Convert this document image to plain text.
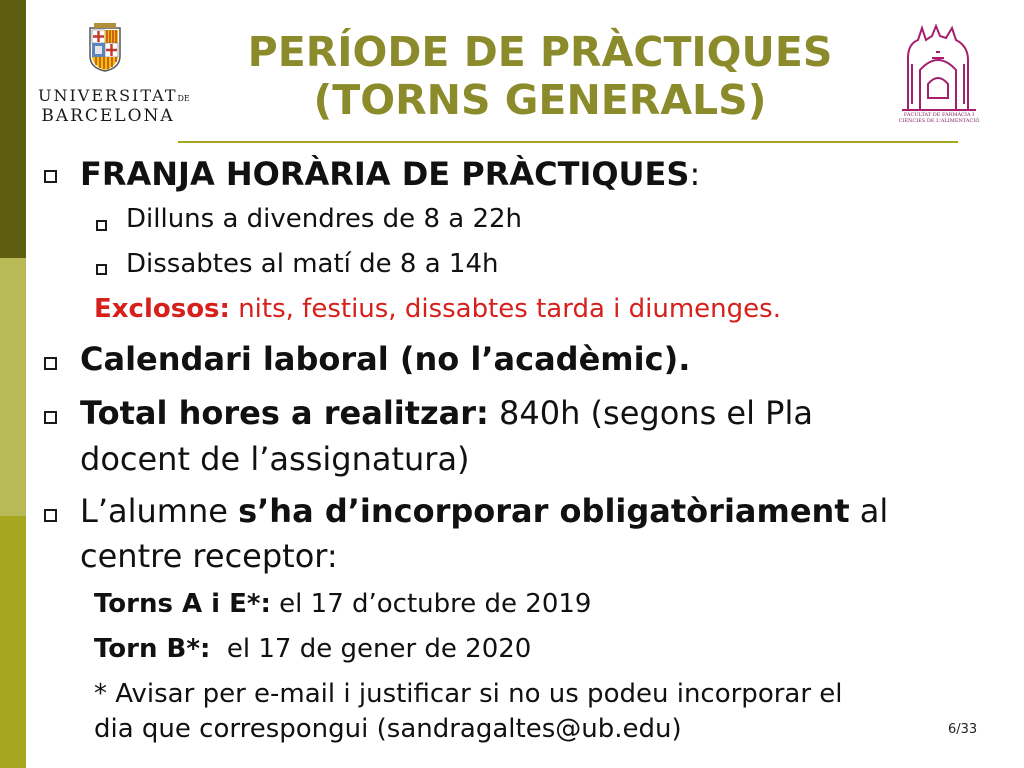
UNIVERSITATDE
BARCELONA
PERÍODE DE PRÀCTIQUES
(TORNS GENERALS)	FACULTAT DE FARMÀCIA I CIÈNCIES DE L'ALIMENTACIÓ
FRANJA HORÀRIA DE PRÀCTIQUES:
Dilluns a divendres de 8 a 22h
Dissabtes al matí de 8 a 14h
Exclosos: nits, festius, dissabtes tarda i diumenges.
Calendari laboral (no l’acadèmic).
Total hores a realitzar: 840h (segons el Pla
docent de l’assignatura)
L’alumne s’ha d’incorporar obligatòriament al
centre receptor:
Torns A i E*: el 17 d’octubre de 2019
Torn B*:  el 17 de gener de 2020
* Avisar per e-mail i justificar si no us podeu incorporar el
dia que correspongui (sandragaltes@ub.edu)	6/33
